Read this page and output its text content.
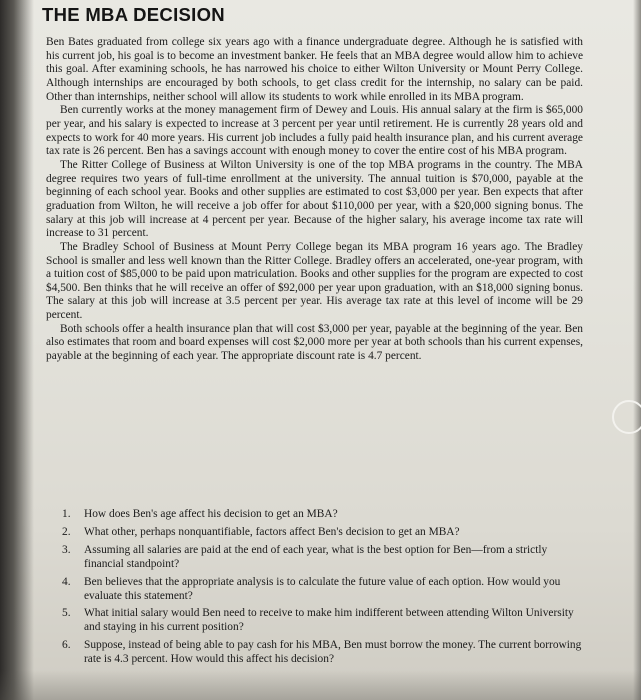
THE MBA DECISION

Ben Bates graduated from college six years ago with a finance undergraduate degree. Although he is satisfied with his current job, his goal is to become an investment banker. He feels that an MBA degree would allow him to achieve this goal. After examining schools, he has narrowed his choice to either Wilton University or Mount Perry College. Although internships are encouraged by both schools, to get class credit for the internship, no salary can be paid. Other than internships, neither school will allow its students to work while enrolled in its MBA program.

Ben currently works at the money management firm of Dewey and Louis. His annual salary at the firm is $65,000 per year, and his salary is expected to increase at 3 percent per year until retirement. He is currently 28 years old and expects to work for 40 more years. His current job includes a fully paid health insurance plan, and his current average tax rate is 26 percent. Ben has a savings account with enough money to cover the entire cost of his MBA program.

The Ritter College of Business at Wilton University is one of the top MBA programs in the country. The MBA degree requires two years of full-time enrollment at the university. The annual tuition is $70,000, payable at the beginning of each school year. Books and other supplies are estimated to cost $3,000 per year. Ben expects that after graduation from Wilton, he will receive a job offer for about $110,000 per year, with a $20,000 signing bonus. The salary at this job will increase at 4 percent per year. Because of the higher salary, his average income tax rate will increase to 31 percent.

The Bradley School of Business at Mount Perry College began its MBA program 16 years ago. The Bradley School is smaller and less well known than the Ritter College. Bradley offers an accelerated, one-year program, with a tuition cost of $85,000 to be paid upon matriculation. Books and other supplies for the program are expected to cost $4,500. Ben thinks that he will receive an offer of $92,000 per year upon graduation, with an $18,000 signing bonus. The salary at this job will increase at 3.5 percent per year. His average tax rate at this level of income will be 29 percent.

Both schools offer a health insurance plan that will cost $3,000 per year, payable at the beginning of the year. Ben also estimates that room and board expenses will cost $2,000 more per year at both schools than his current expenses, payable at the beginning of each year. The appropriate discount rate is 4.7 percent.

1. How does Ben's age affect his decision to get an MBA?
2. What other, perhaps nonquantifiable, factors affect Ben's decision to get an MBA?
3. Assuming all salaries are paid at the end of each year, what is the best option for Ben—from a strictly financial standpoint?
4. Ben believes that the appropriate analysis is to calculate the future value of each option. How would you evaluate this statement?
5. What initial salary would Ben need to receive to make him indifferent between attending Wilton University and staying in his current position?
6. Suppose, instead of being able to pay cash for his MBA, Ben must borrow the money. The current borrowing rate is 4.3 percent. How would this affect his decision?
